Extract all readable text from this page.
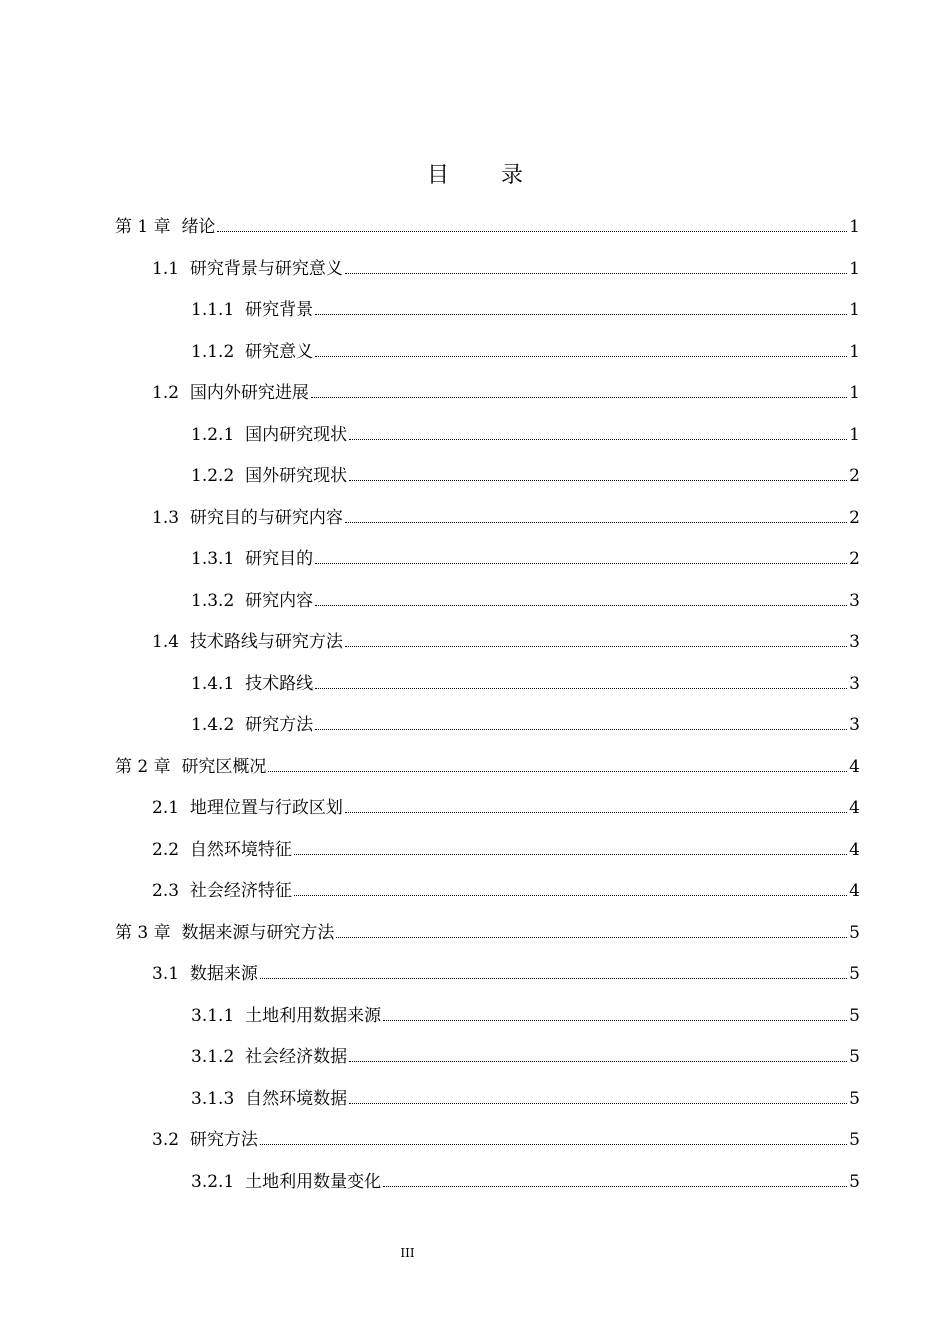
目 录
第 1 章 绪论	1
1.1 研究背景与研究意义	1
1.1.1 研究背景	1
1.1.2 研究意义	1
1.2 国内外研究进展	1
1.2.1 国内研究现状	1
1.2.2 国外研究现状	2
1.3 研究目的与研究内容	2
1.3.1 研究目的	2
1.3.2 研究内容	3
1.4 技术路线与研究方法	3
1.4.1 技术路线	3
1.4.2 研究方法	3
第 2 章 研究区概况	4
2.1 地理位置与行政区划	4
2.2 自然环境特征	4
2.3 社会经济特征	4
第 3 章 数据来源与研究方法	5
3.1 数据来源	5
3.1.1 土地利用数据来源	5
3.1.2 社会经济数据	5
3.1.3 自然环境数据	5
3.2 研究方法	5
3.2.1 土地利用数量变化	5
III
